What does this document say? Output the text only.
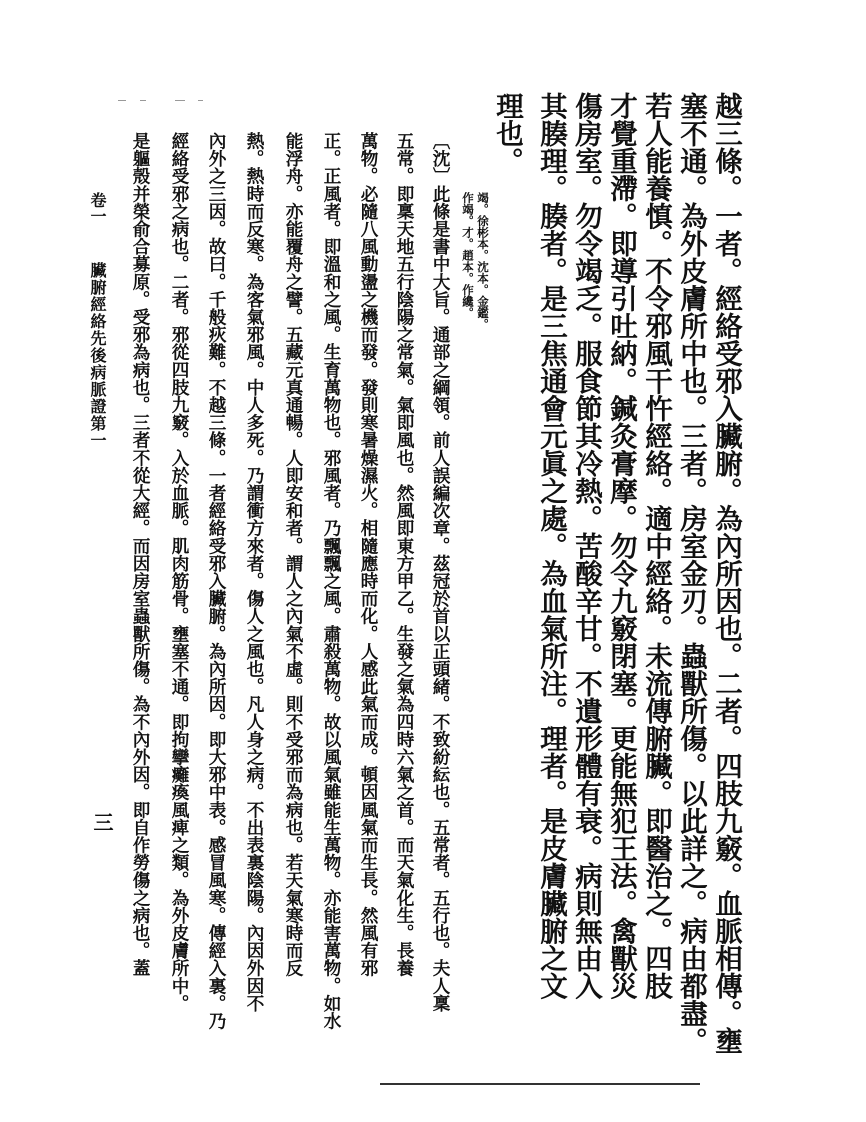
越三條。一者。經絡受邪入臟腑。為內所因也。二者。四肢九竅。血脈相傳。壅
塞不通。為外皮膚所中也。三者。房室金刃。蟲獸所傷。以此詳之。病由都盡。
若人能養慎。不令邪風干忤經絡。適中經絡。未流傳腑臟。即醫治之。四肢
才覺重滯。即導引吐納。鍼灸膏摩。勿令九竅閉塞。更能無犯王法。禽獸災
傷房室。勿令竭乏。服食節其冷熱。苦酸辛甘。不遺形體有衰。病則無由入
其腠理。腠者。是三焦通會元眞之處。為血氣所注。理者。是皮膚臟腑之文
理也。
竭。徐彬本。沈本。金鑑。
作竭。才。趙本。作纔。
〔沈〕此條是書中大旨。通部之綱領。前人誤編次章。茲冠於首以正頭緒。不致紛紜也。五常者。五行也。夫人稟
五常。即稟天地五行陰陽之常氣。氣即風也。然風即東方甲乙。生發之氣為四時六氣之首。而天氣化生。長養
萬物。必隨八風動盪之機而發。發則寒暑燥濕火。相隨應時而化。人感此氣而成。頓因風氣而生長。然風有邪
正。正風者。即溫和之風。生育萬物也。邪風者。乃飄飄之風。肅殺萬物。故以風氣雖能生萬物。亦能害萬物。如水
能浮舟。亦能覆舟之譬。五藏元真通暢。人即安和者。謂人之內氣不虛。則不受邪而為病也。若天氣寒時而反
熱。熱時而反寒。為客氣邪風。中人多死。乃謂衝方來者。傷人之風也。凡人身之病。不出表裏陰陽。內因外因不
內外之三因。故曰。千般疢難。不越三條。一者經絡受邪入臟腑。為內所因。即大邪中表。感冒風寒。傳經入裏。乃
經絡受邪之病也。二者。邪從四肢九竅。入於血脈。肌肉筋骨。壅塞不通。即拘攣癱瘓風痺之類。為外皮膚所中。
是軀殼并榮俞合募原。受邪為病也。三者不從大經。而因房室蟲獸所傷。為不內外因。即自作勞傷之病也。蓋
卷一
臟腑經絡先後病脈證第一
三
